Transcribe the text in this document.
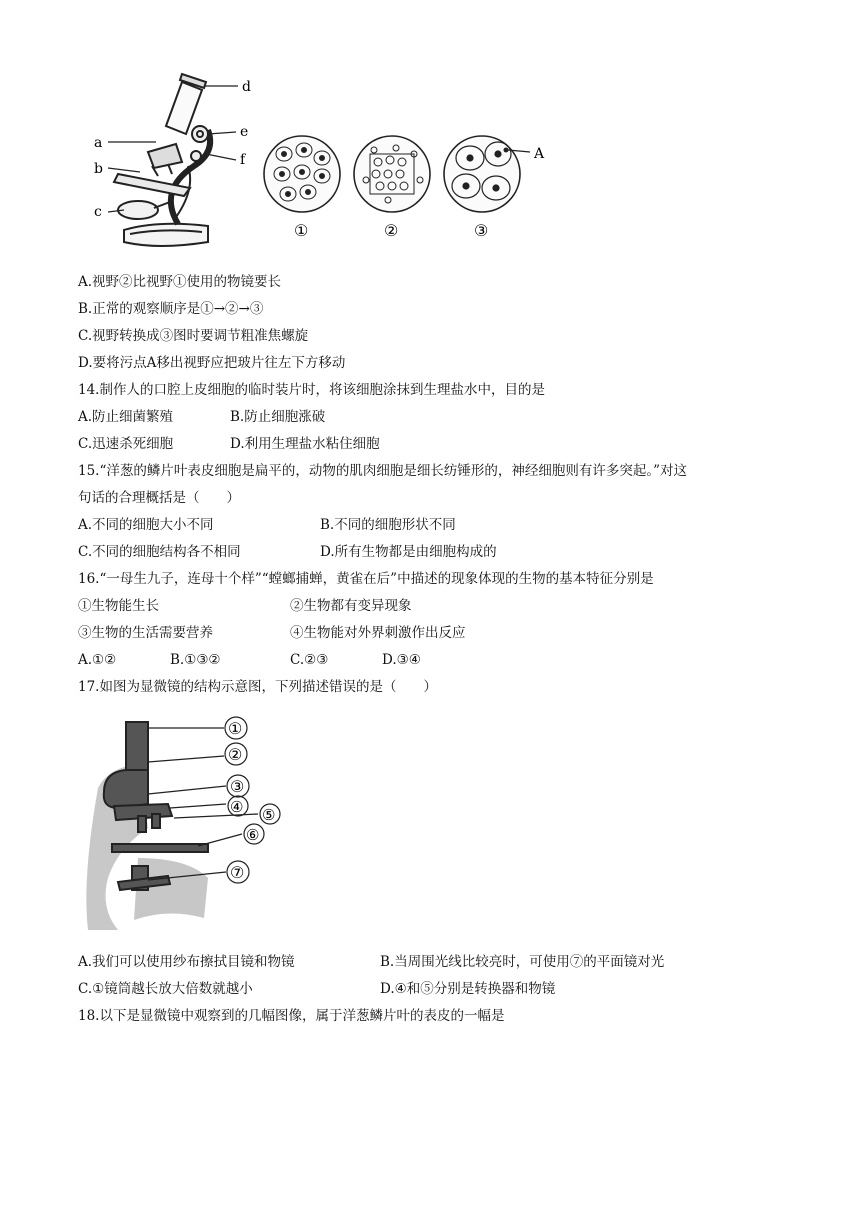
d
a
b
c
e
f	A
①	②	③
A.视野②比视野①使用的物镜要长
B.正常的观察顺序是①→②→③
C.视野转换成③图时要调节粗准焦螺旋
D.要将污点A移出视野应把玻片往左下方移动
14.制作人的口腔上皮细胞的临时装片时，将该细胞涂抹到生理盐水中，目的是
A.防止细菌繁殖	B.防止细胞涨破
C.迅速杀死细胞	D.利用生理盐水粘住细胞
15.“洋葱的鳞片叶表皮细胞是扁平的，动物的肌肉细胞是细长纺锤形的，神经细胞则有许多突起。”对这
句话的合理概括是（　　）
A.不同的细胞大小不同	B.不同的细胞形状不同
C.不同的细胞结构各不相同	D.所有生物都是由细胞构成的
16.“一母生九子，连母十个样”“螳螂捕蝉，黄雀在后”中描述的现象体现的生物的基本特征分别是
①生物能生长	②生物都有变异现象
③生物的生活需要营养	④生物能对外界刺激作出反应
A.①②	B.①③②	C.②③	D.③④
17.如图为显微镜的结构示意图，下列描述错误的是（　　）
①
②
③
④ ⑤
⑥
⑦
A.我们可以使用纱布擦拭目镜和物镜	B.当周围光线比较亮时，可使用⑦的平面镜对光
C.①镜筒越长放大倍数就越小	D.④和⑤分别是转换器和物镜
18.以下是显微镜中观察到的几幅图像，属于洋葱鳞片叶的表皮的一幅是
